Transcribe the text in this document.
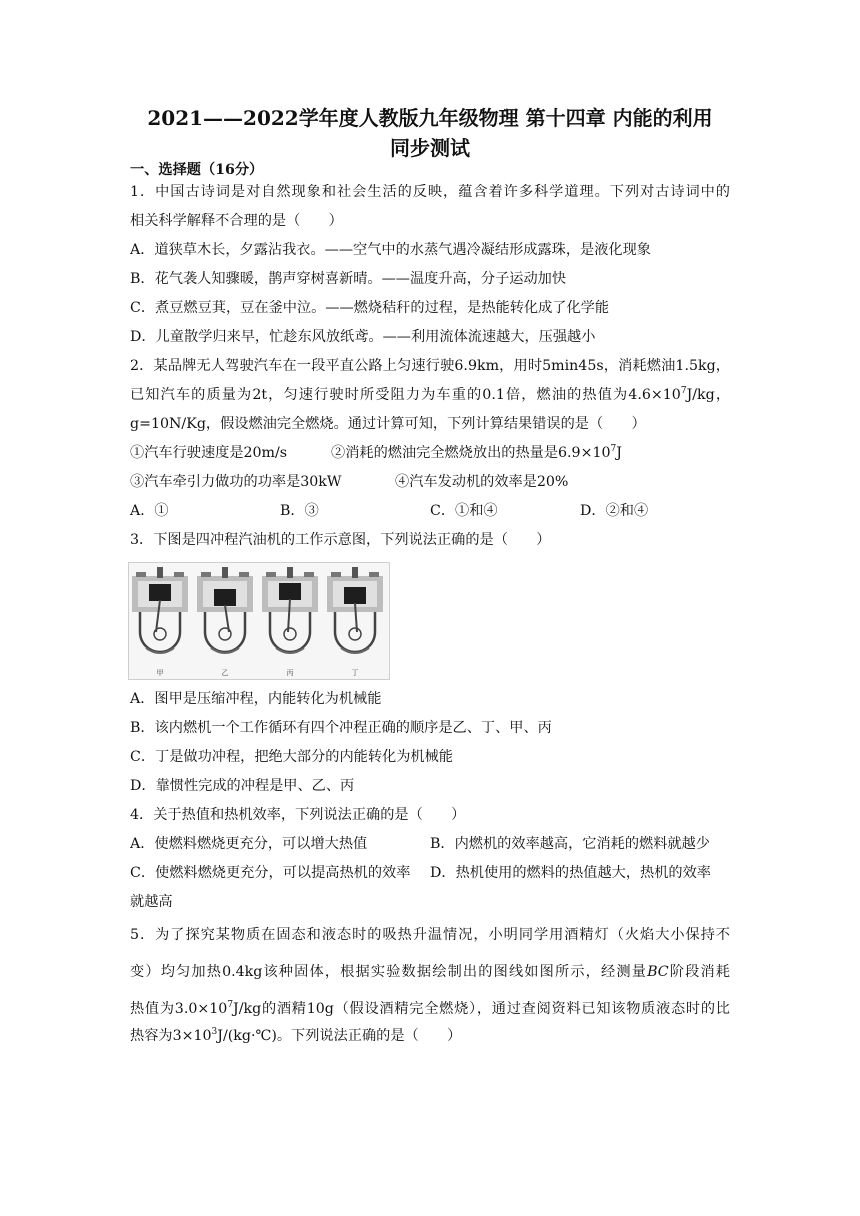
2021——2022学年度人教版九年级物理 第十四章 内能的利用
同步测试
一、选择题（16分）
1．中国古诗词是对自然现象和社会生活的反映，蕴含着许多科学道理。下列对古诗词中的
相关科学解释不合理的是（　　）
A．道狭草木长，夕露沾我衣。——空气中的水蒸气遇冷凝结形成露珠，是液化现象
B．花气袭人知骤暖，鹊声穿树喜新晴。——温度升高，分子运动加快
C．煮豆燃豆萁，豆在釜中泣。——燃烧秸秆的过程，是热能转化成了化学能
D．儿童散学归来早，忙趁东风放纸鸢。——利用流体流速越大，压强越小
2．某品牌无人驾驶汽车在一段平直公路上匀速行驶6.9km，用时5min45s，消耗燃油1.5kg，
已知汽车的质量为2t，匀速行驶时所受阻力为车重的0.1倍，燃油的热值为$4.6\times 10^7J/kg$，
g=10N/Kg，假设燃油完全燃烧。通过计算可知，下列计算结果错误的是（　　）
①汽车行驶速度是20m/s	②消耗的燃油完全燃烧放出的热量是$6.9\times 10^7J$
③汽车牵引力做功的功率是30kW	④汽车发动机的效率是20%
A．①	B．③	C．①和④	D．②和④
3．下图是四冲程汽油机的工作示意图，下列说法正确的是（　　）
甲	乙	丙	丁
A．图甲是压缩冲程，内能转化为机械能
B．该内燃机一个工作循环有四个冲程正确的顺序是乙、丁、甲、丙
C．丁是做功冲程，把绝大部分的内能转化为机械能
D．靠惯性完成的冲程是甲、乙、丙
4．关于热值和热机效率，下列说法正确的是（　　）
A．使燃料燃烧更充分，可以增大热值	B．内燃机的效率越高，它消耗的燃料就越少
C．使燃料燃烧更充分，可以提高热机的效率 D．热机使用的燃料的热值越大，热机的效率
就越高
5．为了探究某物质在固态和液态时的吸热升温情况，小明同学用酒精灯（火焰大小保持不
变）均匀加热0.4kg该种固体，根据实验数据绘制出的图线如图所示，经测量BC阶段消耗
热值为$3.0\times 10^7J/kg$的酒精10g（假设酒精完全燃烧），通过查阅资料已知该物质液态时的比
热容为$3\times 10^3J/(kg\cdot℃)$。下列说法正确的是（　　）
